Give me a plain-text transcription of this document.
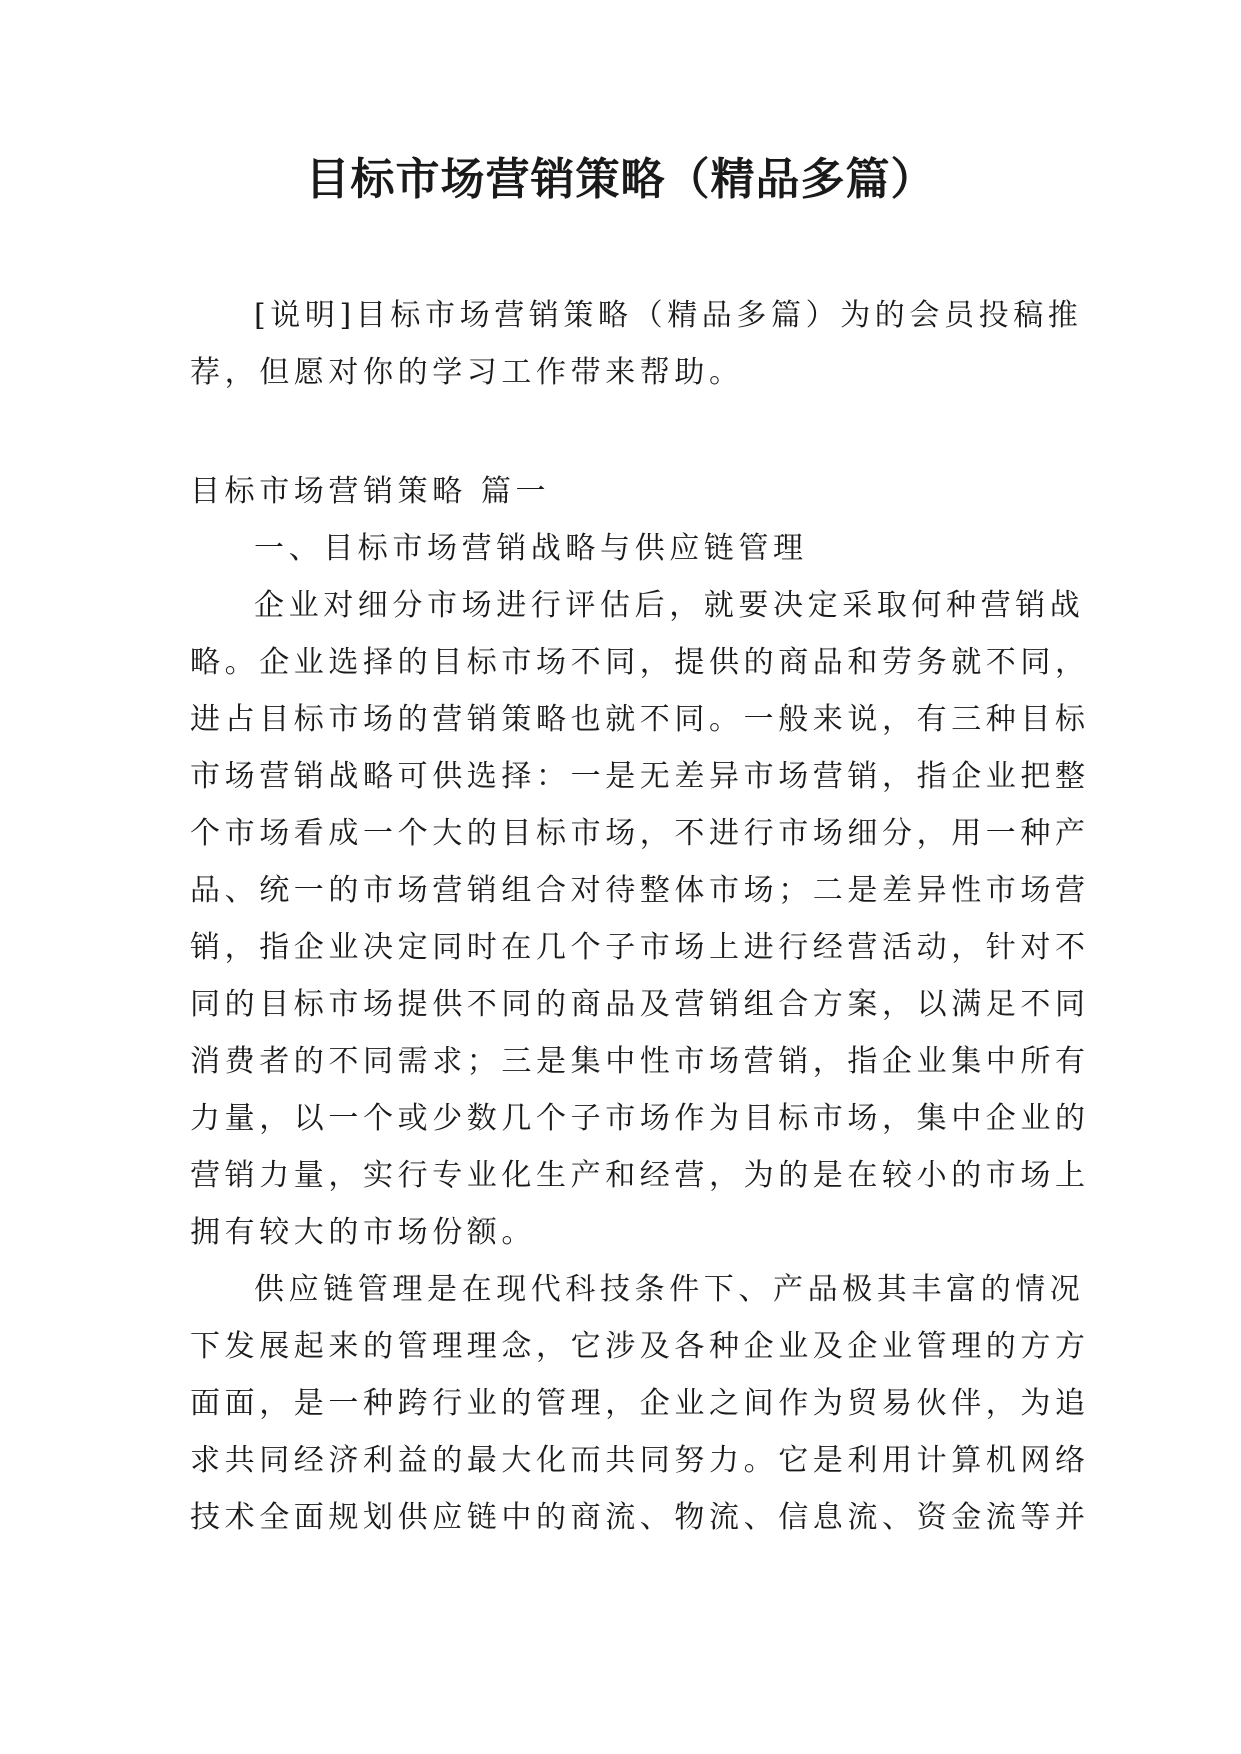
目标市场营销策略（精品多篇）
[说明]目标市场营销策略（精品多篇）为的会员投稿推
荐，但愿对你的学习工作带来帮助。
目标市场营销策略 篇一

一、目标市场营销战略与供应链管理

企业对细分市场进行评估后，就要决定采取何种营销战
略。企业选择的目标市场不同，提供的商品和劳务就不同，
进占目标市场的营销策略也就不同。一般来说，有三种目标
市场营销战略可供选择：一是无差异市场营销，指企业把整
个市场看成一个大的目标市场，不进行市场细分，用一种产
品、统一的市场营销组合对待整体市场；二是差异性市场营
销，指企业决定同时在几个子市场上进行经营活动，针对不
同的目标市场提供不同的商品及营销组合方案，以满足不同
消费者的不同需求；三是集中性市场营销，指企业集中所有
力量，以一个或少数几个子市场作为目标市场，集中企业的
营销力量，实行专业化生产和经营，为的是在较小的市场上
拥有较大的市场份额。

供应链管理是在现代科技条件下、产品极其丰富的情况
下发展起来的管理理念，它涉及各种企业及企业管理的方方
面面，是一种跨行业的管理，企业之间作为贸易伙伴，为追
求共同经济利益的最大化而共同努力。它是利用计算机网络
技术全面规划供应链中的商流、物流、信息流、资金流等并
